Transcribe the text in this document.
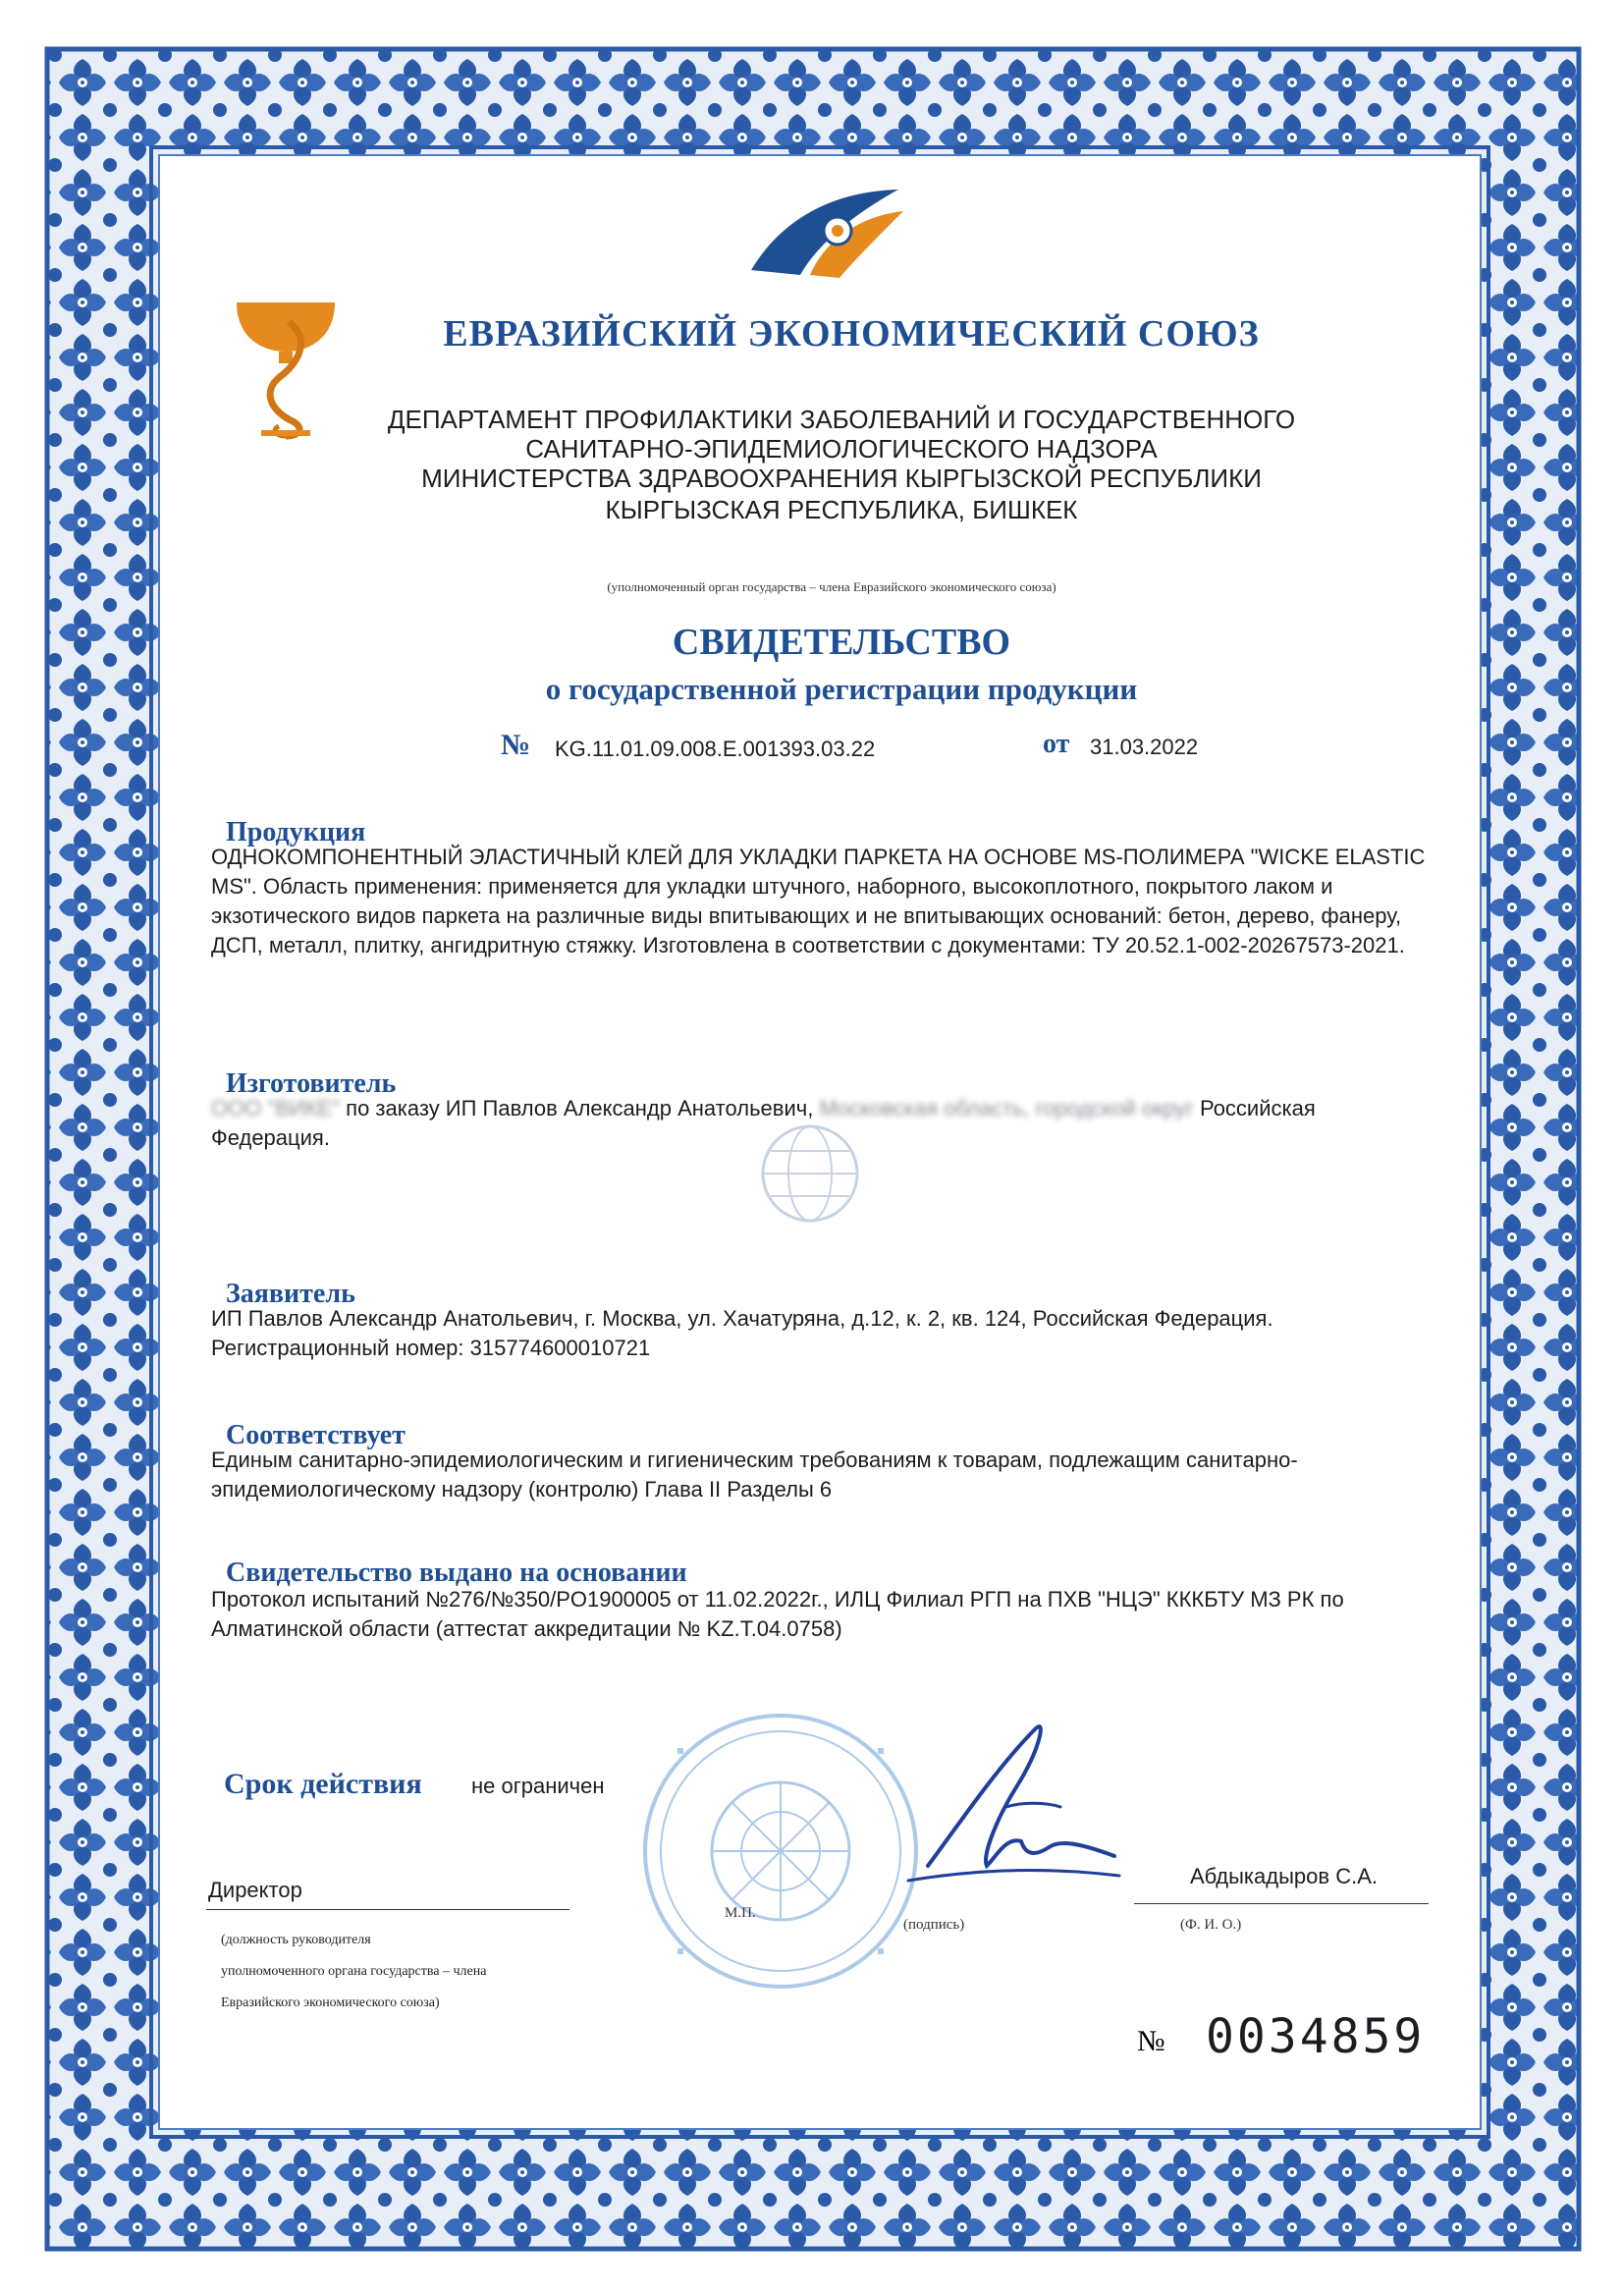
ЕВРАЗИЙСКИЙ ЭКОНОМИЧЕСКИЙ СОЮЗ
ДЕПАРТАМЕНТ ПРОФИЛАКТИКИ ЗАБОЛЕВАНИЙ И ГОСУДАРСТВЕННОГО
САНИТАРНО-ЭПИДЕМИОЛОГИЧЕСКОГО НАДЗОРА
МИНИСТЕРСТВА ЗДРАВООХРАНЕНИЯ КЫРГЫЗСКОЙ РЕСПУБЛИКИ
КЫРГЫЗСКАЯ РЕСПУБЛИКА, БИШКЕК
(уполномоченный орган государства – члена Евразийского экономического союза)
СВИДЕТЕЛЬСТВО
о государственной регистрации продукции
№ KG.11.01.09.008.E.001393.03.22	от 31.03.2022
Продукция
ОДНОКОМПОНЕНТНЫЙ ЭЛАСТИЧНЫЙ КЛЕЙ ДЛЯ УКЛАДКИ ПАРКЕТА НА ОСНОВЕ MS-ПОЛИМЕРА "WICKE ELASTIC MS". Область применения: применяется для укладки штучного, наборного, высокоплотного, покрытого лаком и экзотического видов паркета на различные виды впитывающих и не впитывающих оснований: бетон, дерево, фанеру, ДСП, металл, плитку, ангидритную стяжку. Изготовлена в соответствии с документами: ТУ 20.52.1-002-20267573-2021.
Изготовитель
ООО "ВИКЕ" по заказу ИП Павлов Александр Анатольевич, Московская область, городской округ Российская Федерация.
Заявитель
ИП Павлов Александр Анатольевич, г. Москва, ул. Хачатуряна, д.12, к. 2, кв. 124, Российская Федерация. Регистрационный номер: 315774600010721
Соответствует
Единым санитарно-эпидемиологическим и гигиеническим требованиям к товарам, подлежащим санитарно-эпидемиологическому надзору (контролю) Глава II Разделы 6
Свидетельство выдано на основании
Протокол испытаний №276/№350/PO1900005 от 11.02.2022г., ИЛЦ Филиал РГП на ПХВ "НЦЭ" КККБТУ МЗ РК по Алматинской области (аттестат аккредитации № KZ.T.04.0758)
Срок действия не ограничен
Директор
(должность руководителя
уполномоченного органа государства – члена
Евразийского экономического союза)
М.П.
(подпись)
Абдыкадыров С.А.
(Ф. И. О.)
№ 0034859
